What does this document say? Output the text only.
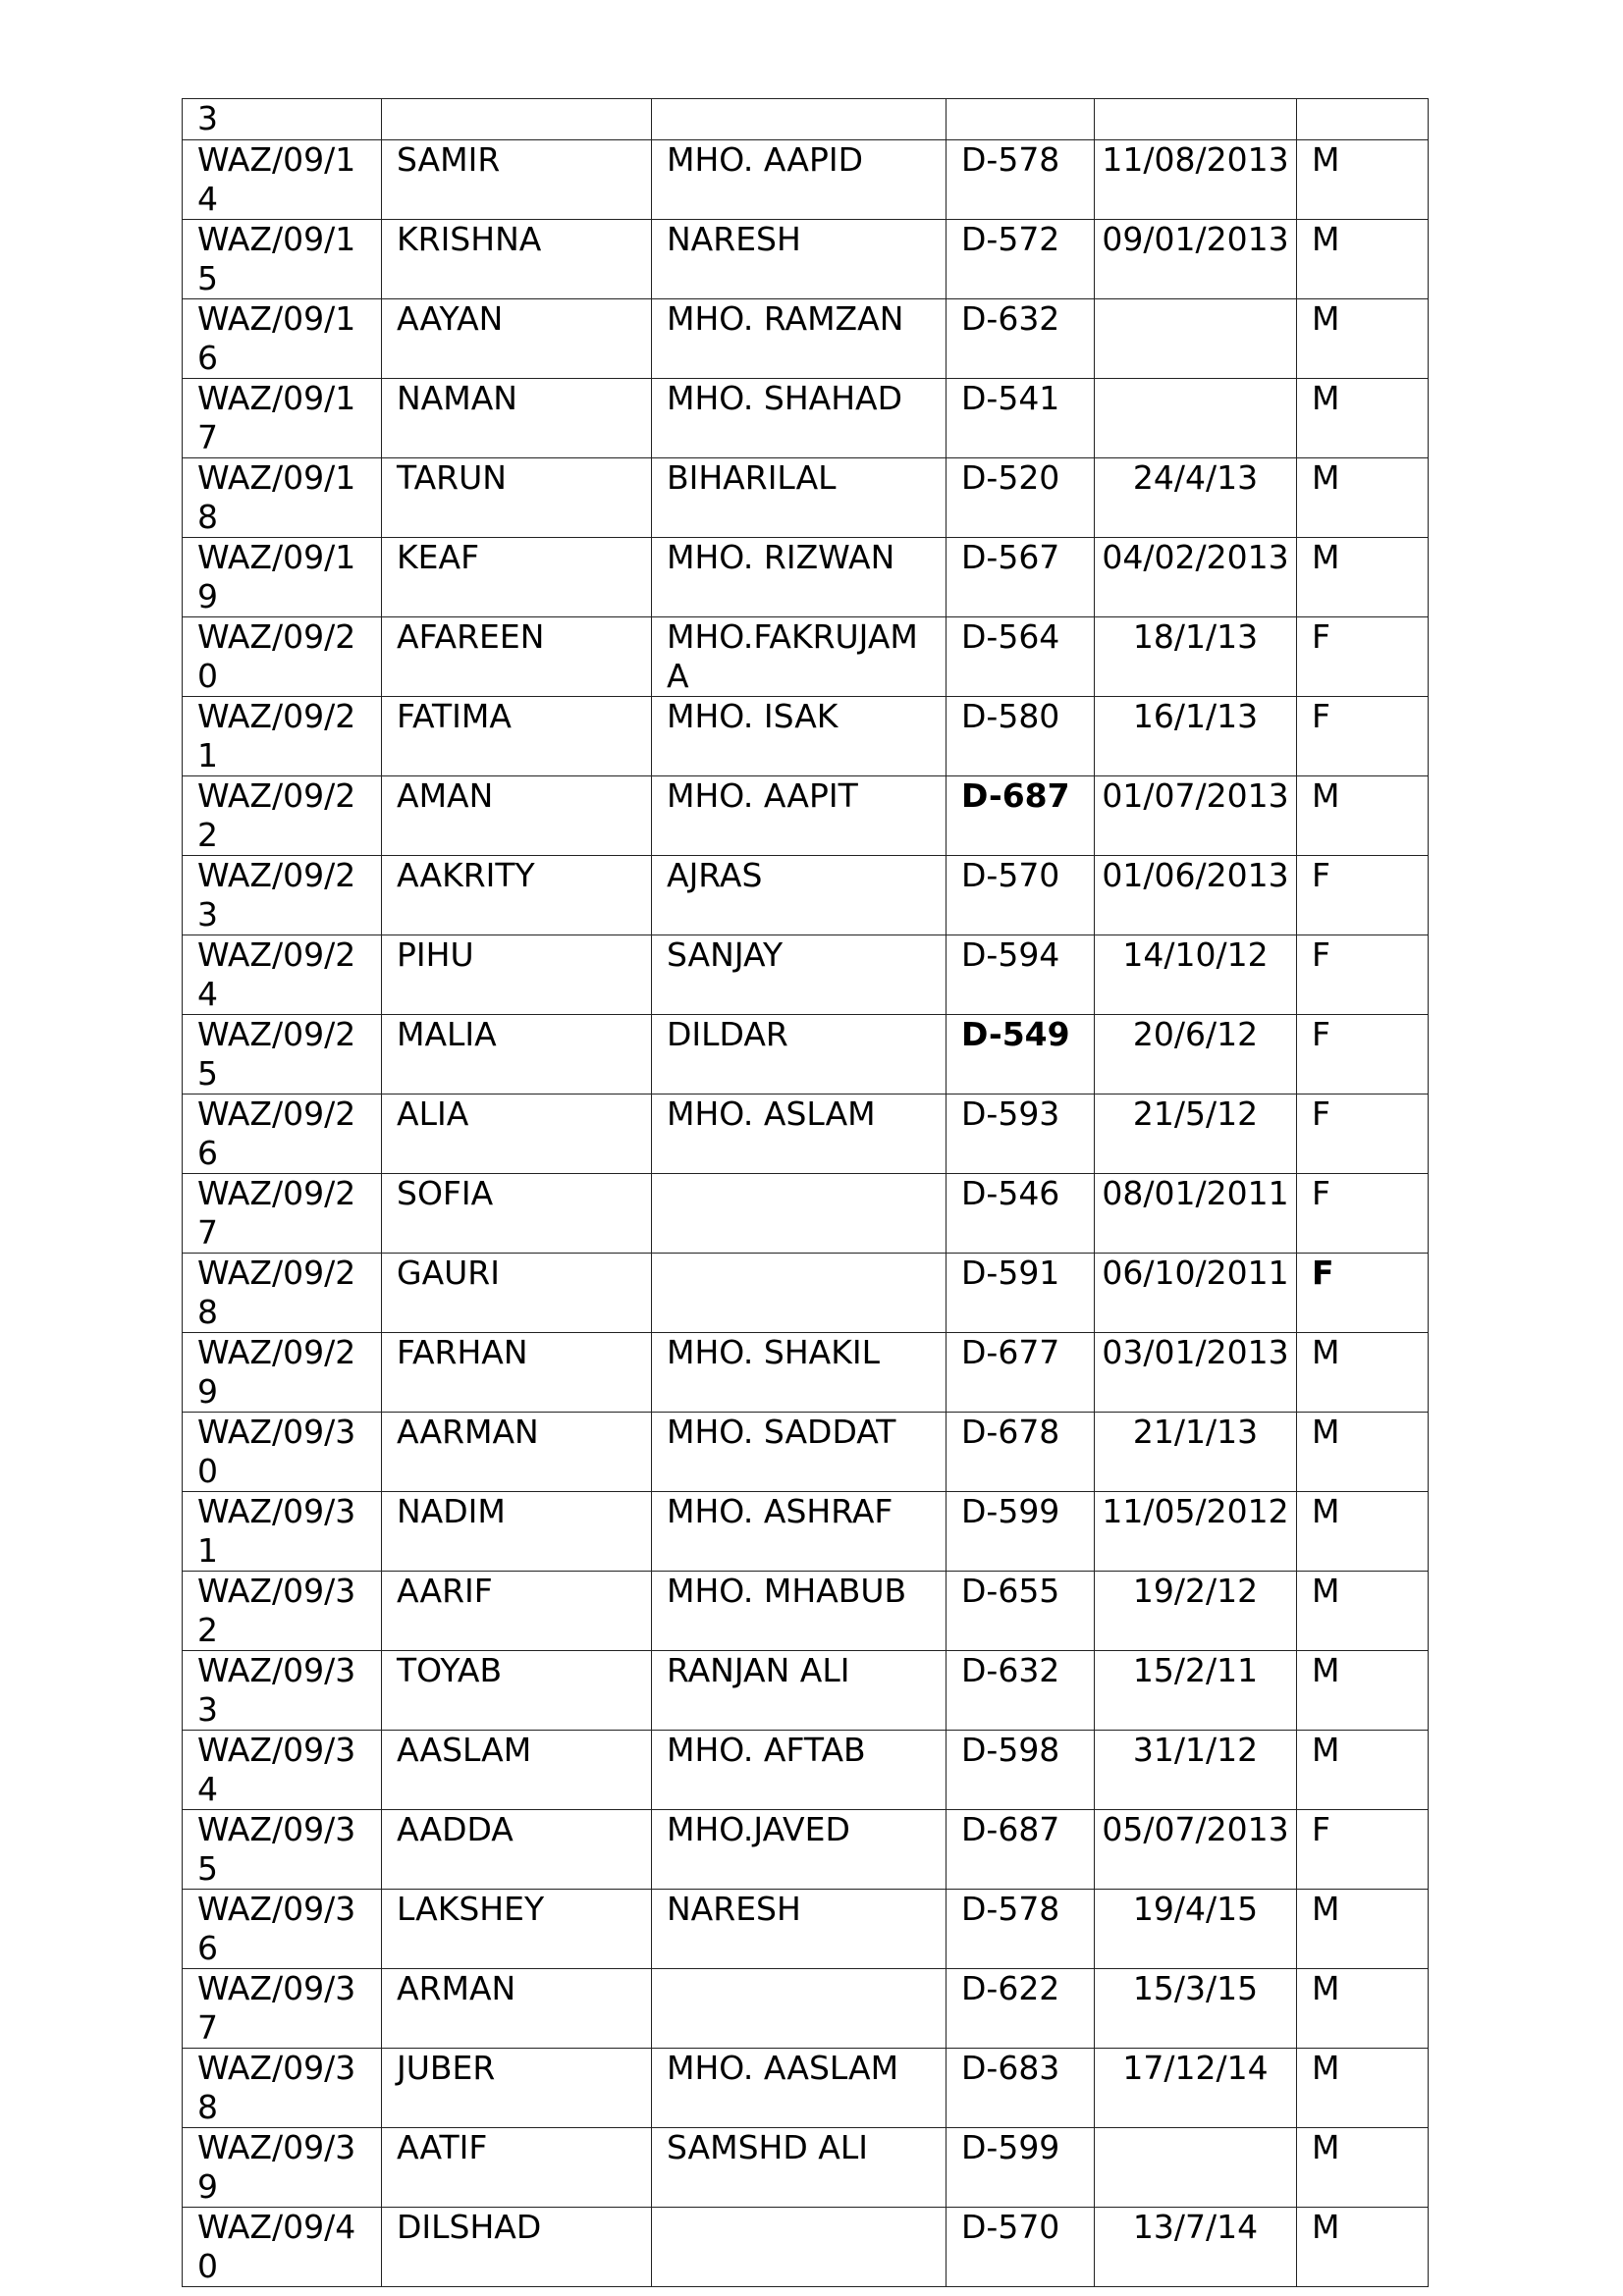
3					
WAZ/09/14	SAMIR	MHO. AAPID	D-578	11/08/2013	M
WAZ/09/15	KRISHNA	NARESH	D-572	09/01/2013	M
WAZ/09/16	AAYAN	MHO. RAMZAN	D-632		M
WAZ/09/17	NAMAN	MHO. SHAHAD	D-541		M
WAZ/09/18	TARUN	BIHARILAL	D-520	24/4/13	M
WAZ/09/19	KEAF	MHO. RIZWAN	D-567	04/02/2013	M
WAZ/09/20	AFAREEN	MHO.FAKRUJAMA	D-564	18/1/13	F
WAZ/09/21	FATIMA	MHO. ISAK	D-580	16/1/13	F
WAZ/09/22	AMAN	MHO. AAPIT	D-687	01/07/2013	M
WAZ/09/23	AAKRITY	AJRAS	D-570	01/06/2013	F
WAZ/09/24	PIHU	SANJAY	D-594	14/10/12	F
WAZ/09/25	MALIA	DILDAR	D-549	20/6/12	F
WAZ/09/26	ALIA	MHO. ASLAM	D-593	21/5/12	F
WAZ/09/27	SOFIA		D-546	08/01/2011	F
WAZ/09/28	GAURI		D-591	06/10/2011	F
WAZ/09/29	FARHAN	MHO. SHAKIL	D-677	03/01/2013	M
WAZ/09/30	AARMAN	MHO. SADDAT	D-678	21/1/13	M
WAZ/09/31	NADIM	MHO. ASHRAF	D-599	11/05/2012	M
WAZ/09/32	AARIF	MHO. MHABUB	D-655	19/2/12	M
WAZ/09/33	TOYAB	RANJAN ALI	D-632	15/2/11	M
WAZ/09/34	AASLAM	MHO. AFTAB	D-598	31/1/12	M
WAZ/09/35	AADDA	MHO.JAVED	D-687	05/07/2013	F
WAZ/09/36	LAKSHEY	NARESH	D-578	19/4/15	M
WAZ/09/37	ARMAN		D-622	15/3/15	M
WAZ/09/38	JUBER	MHO. AASLAM	D-683	17/12/14	M
WAZ/09/39	AATIF	SAMSHD ALI	D-599		M
WAZ/09/40	DILSHAD		D-570	13/7/14	M
